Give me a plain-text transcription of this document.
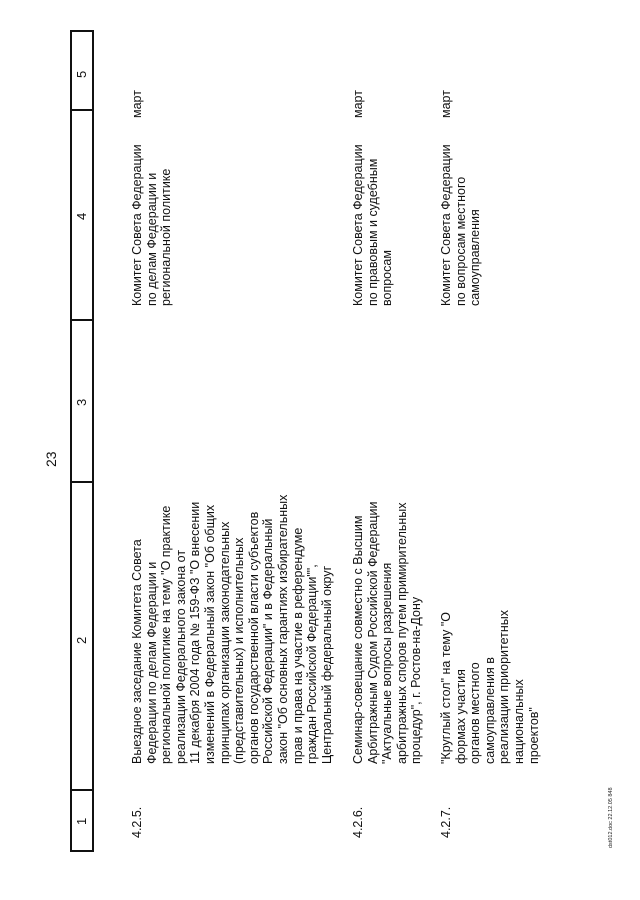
1
2
3
4
5
23
4.2.5.
Выездное заседание Комитета Совета
Федерации по делам Федерации и
региональной политике на тему "О практике
реализации Федерального закона от
11 декабря 2004 года № 159-ФЗ "О внесении
изменений в Федеральный закон "Об общих
принципах организации законодательных
(представительных) и исполнительных
органов государственной власти субъектов
Российской Федерации" и в Федеральный
закон "Об основных гарантиях избирательных
прав и права на участие в референдуме
граждан Российской Федерации"",
Центральный федеральный округ
Комитет Совета Федерации
по делам Федерации и
региональной политике
март
4.2.6.
Семинар-совещание совместно с Высшим
Арбитражным Судом Российской Федерации
"Актуальные вопросы разрешения
арбитражных споров путем примирительных
процедур", г. Ростов-на-Дону
Комитет Совета Федерации
по правовым и судебным
вопросам
март
4.2.7.
"Круглый стол" на тему "О формах участия
органов местного самоуправления в
реализации приоритетных национальных
проектов"
Комитет Совета Федерации
по вопросам местного
самоуправления
март
dst012.doc 22.12.05 848
